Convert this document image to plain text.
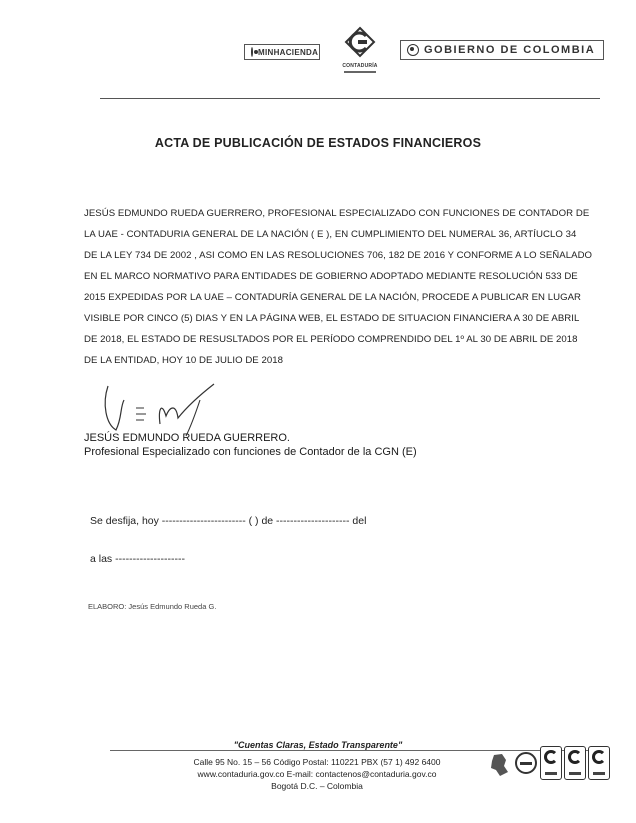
MINHACIENDA
CONTADURÍA
GOBIERNO DE COLOMBIA
ACTA DE PUBLICACIÓN DE ESTADOS FINANCIEROS
JESÚS EDMUNDO RUEDA GUERRERO, PROFESIONAL ESPECIALIZADO CON FUNCIONES DE CONTADOR DE
LA UAE - CONTADURIA GENERAL DE LA NACIÓN ( E ), EN CUMPLIMIENTO DEL NUMERAL 36, ARTÍUCLO 34
DE LA LEY 734 DE 2002 , ASI COMO EN LAS RESOLUCIONES 706, 182 DE 2016 Y CONFORME A LO SEÑALADO
EN EL MARCO NORMATIVO PARA ENTIDADES DE GOBIERNO ADOPTADO MEDIANTE RESOLUCIÓN 533 DE
2015 EXPEDIDAS POR LA UAE – CONTADURÍA GENERAL DE LA NACIÓN, PROCEDE A PUBLICAR EN LUGAR
VISIBLE POR CINCO (5) DIAS Y EN LA PÁGINA WEB, EL ESTADO DE SITUACION FINANCIERA A 30 DE ABRIL
DE 2018, EL ESTADO DE RESUSLTADOS POR EL PERÍODO COMPRENDIDO DEL 1º AL 30 DE ABRIL DE 2018
DE LA ENTIDAD, HOY 10 DE JULIO DE 2018
JESÚS EDMUNDO RUEDA GUERRERO.
Profesional Especializado con funciones de Contador de la CGN (E)
Se desfija, hoy ------------------------ ( ) de --------------------- del
a las --------------------
ELABORO: Jesús Edmundo Rueda G.
"Cuentas Claras, Estado Transparente"
Calle 95 No. 15 – 56 Código Postal: 110221 PBX (57 1) 492 6400
www.contaduria.gov.co E-mail: contactenos@contaduria.gov.co
Bogotá D.C. – Colombia
